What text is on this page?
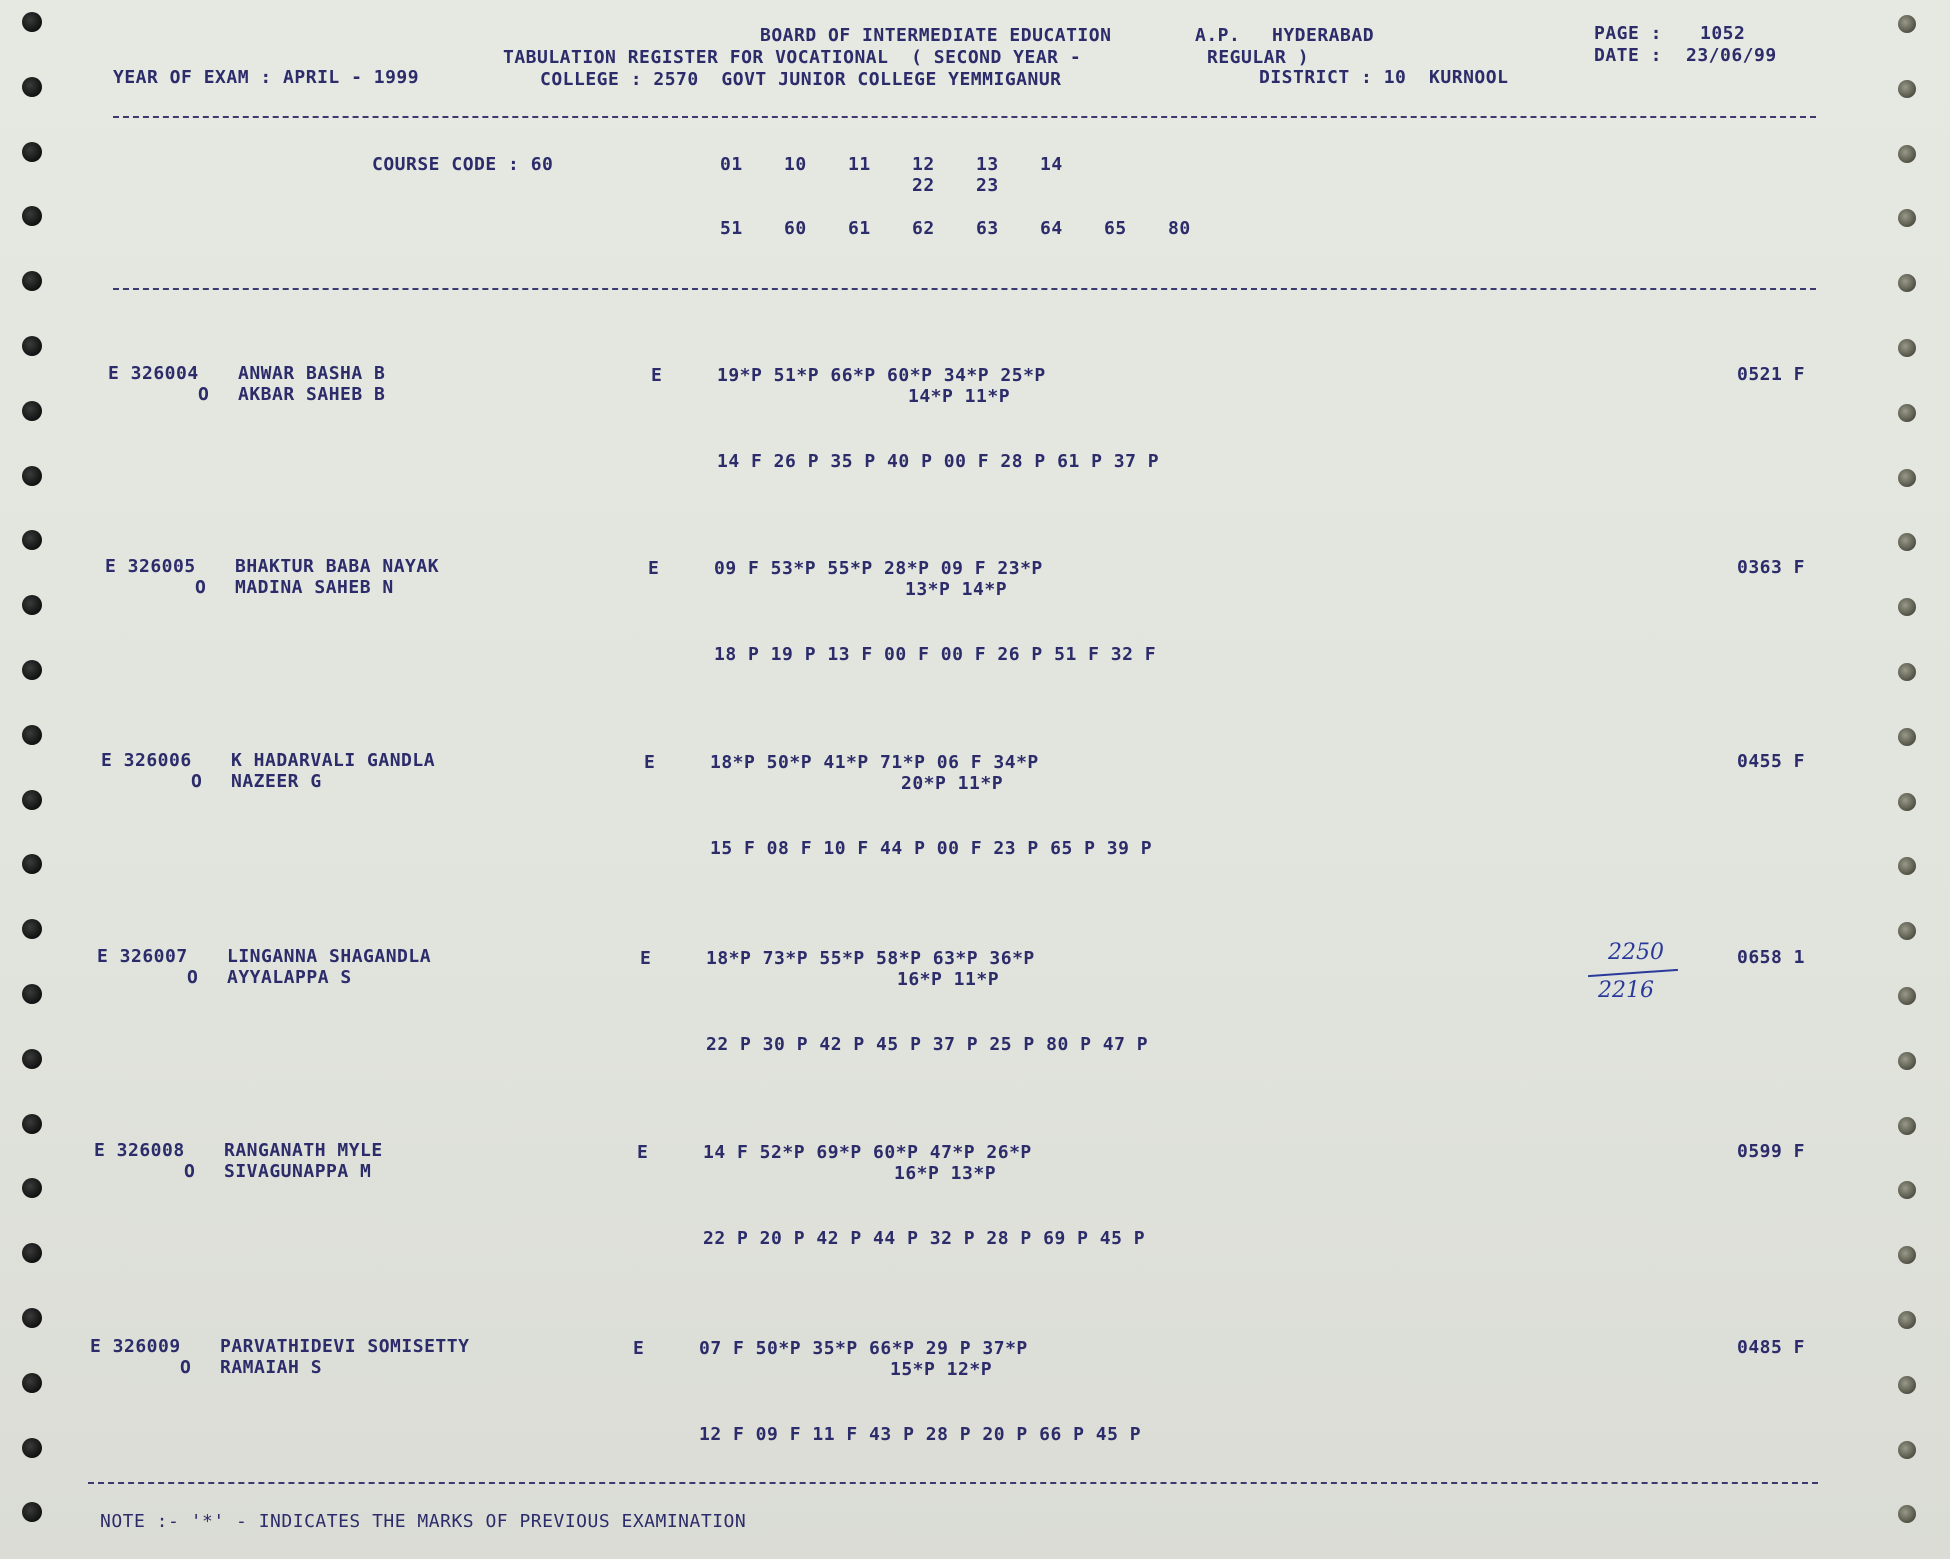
BOARD OF INTERMEDIATE EDUCATION	A.P. HYDERABAD
TABULATION REGISTER FOR VOCATIONAL  ( SECOND YEAR -	REGULAR )
YEAR OF EXAM : APRIL - 1999	COLLEGE : 2570  GOVT JUNIOR COLLEGE YEMMIGANUR	DISTRICT : 10  KURNOOL
PAGE : 1052
DATE : 23/06/99
COURSE CODE : 60	01 10 11 12 13 14
22 23
51 60 61 62 63 64 65 80
E 326004 ANWAR BASHA B
O AKBAR SAHEB B
E	19*P 51*P 66*P 60*P 34*P 25*P
14*P 11*P
14 F 26 P 35 P 40 P 00 F 28 P 61 P 37 P
0521 F
E 326005 BHAKTUR BABA NAYAK
O MADINA SAHEB N
E	09 F 53*P 55*P 28*P 09 F 23*P
13*P 14*P
18 P 19 P 13 F 00 F 00 F 26 P 51 F 32 F
0363 F
E 326006 K HADARVALI GANDLA
O NAZEER G
E	18*P 50*P 41*P 71*P 06 F 34*P
20*P 11*P
15 F 08 F 10 F 44 P 00 F 23 P 65 P 39 P
0455 F
E 326007 LINGANNA SHAGANDLA
O AYYALAPPA S
E	18*P 73*P 55*P 58*P 63*P 36*P
16*P 11*P
22 P 30 P 42 P 45 P 37 P 25 P 80 P 47 P
0658 1
E 326008 RANGANATH MYLE
O SIVAGUNAPPA M
E	14 F 52*P 69*P 60*P 47*P 26*P
16*P 13*P
22 P 20 P 42 P 44 P 32 P 28 P 69 P 45 P
0599 F
E 326009 PARVATHIDEVI SOMISETTY
O RAMAIAH S
E	07 F 50*P 35*P 66*P 29 P 37*P
15*P 12*P
12 F 09 F 11 F 43 P 28 P 20 P 66 P 45 P
0485 F
2250
2216
NOTE :- '*' - INDICATES THE MARKS OF PREVIOUS EXAMINATION
